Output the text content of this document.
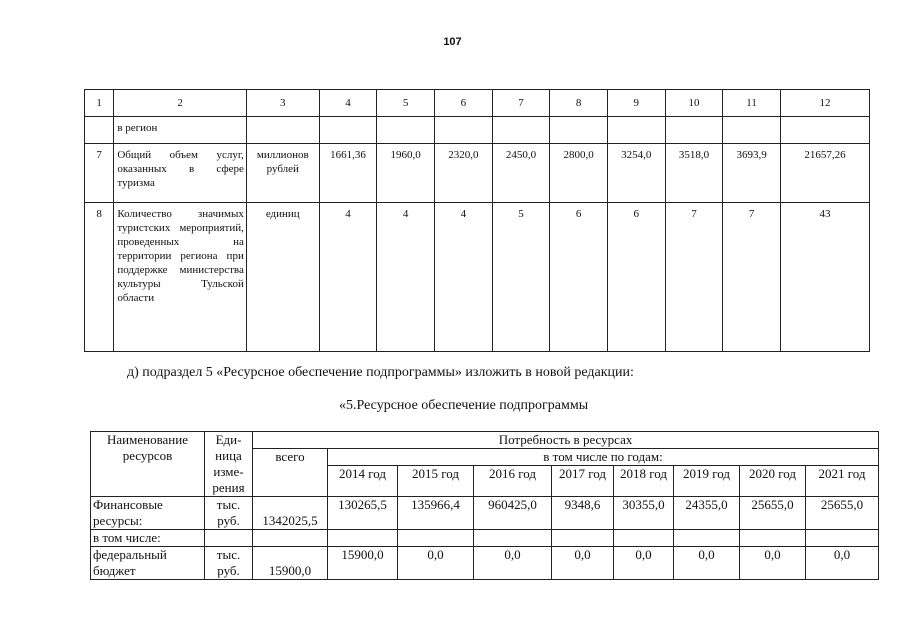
107
1	2	3	4	5	6	7	8	9	10	11	12
	в регион										
7	Общий объем услуг, оказанных в сфере туризма	миллионов рублей	1661,36	1960,0	2320,0	2450,0	2800,0	3254,0	3518,0	3693,9	21657,26
8	Количество значимых туристских мероприятий, проведенных на территории региона при поддержке министерства культуры Тульской области	единиц	4	4	4	5	6	6	7	7	43
д) подраздел 5 «Ресурсное обеспечение подпрограммы» изложить в новой редакции:
«5.Ресурсное обеспечение подпрограммы
Наименование ресурсов	Еди-ница изме-рения	Потребность в ресурсах								
		всего	в том числе по годам:							
			2014 год	2015 год	2016 год	2017 год	2018 год	2019 год	2020 год	2021 год
Финансовые ресурсы:	тыс. руб.	1342025,5	130265,5	135966,4	960425,0	9348,6	30355,0	24355,0	25655,0	25655,0
в том числе:										
федеральный бюджет	тыс. руб.	15900,0	15900,0	0,0	0,0	0,0	0,0	0,0	0,0	0,0
